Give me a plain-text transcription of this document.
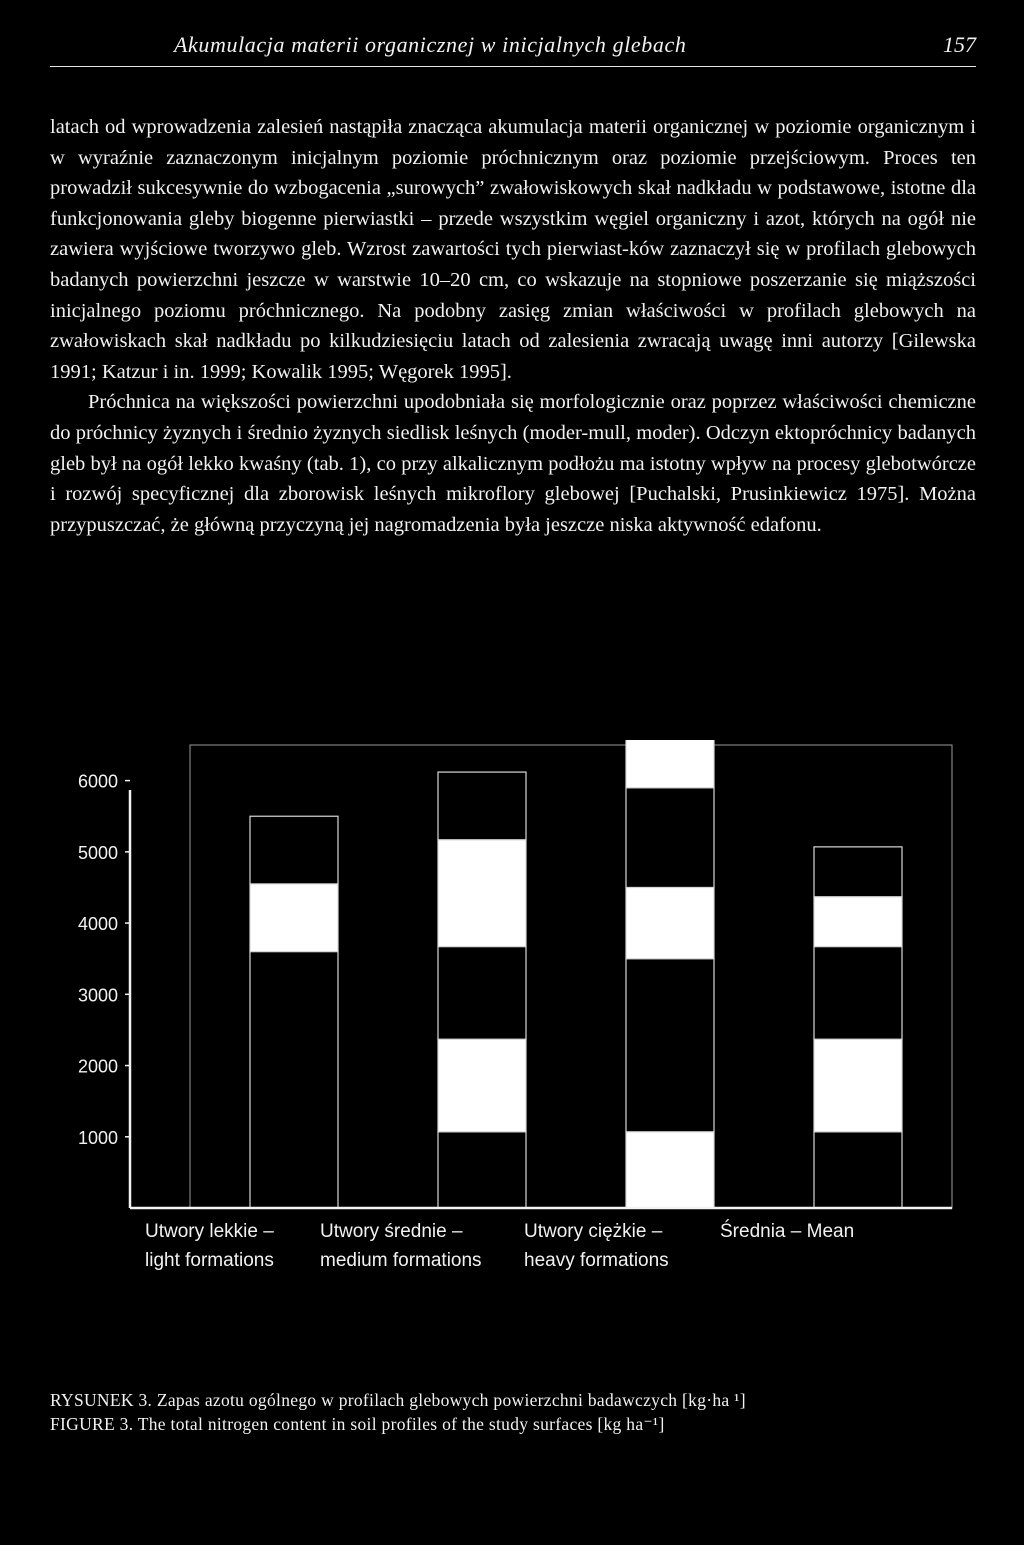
Akumulacja materii organicznej w inicjalnych glebach	157

latach od wprowadzenia zalesień nastąpiła znacząca akumulacja materii organicznej w poziomie organicznym i w wyraźnie zaznaczonym inicjalnym poziomie próchnicznym oraz poziomie przejściowym. Proces ten prowadził sukcesywnie do wzbogacenia „surowych” zwałowiskowych skał nadkładu w podstawowe, istotne dla funkcjonowania gleby biogenne pierwiastki – przede wszystkim węgiel organiczny i azot, których na ogół nie zawiera wyjściowe tworzywo gleb. Wzrost zawartości tych pierwiast-ków zaznaczył się w profilach glebowych badanych powierzchni jeszcze w warstwie 10–20 cm, co wskazuje na stopniowe poszerzanie się miąższości inicjalnego poziomu próchnicznego. Na podobny zasięg zmian właściwości w profilach glebowych na zwałowiskach skał nadkładu po kilkudziesięciu latach od zalesienia zwracają uwagę inni autorzy [Gilewska 1991; Katzur i in. 1999; Kowalik 1995; Węgorek 1995].

Próchnica na większości powierzchni upodobniała się morfologicznie oraz poprzez właściwości chemiczne do próchnicy żyznych i średnio żyznych siedlisk leśnych (moder-mull, moder). Odczyn ektopróchnicy badanych gleb był na ogół lekko kwaśny (tab. 1), co przy alkalicznym podłożu ma istotny wpływ na procesy glebotwórcze i rozwój specyficznej dla zborowisk leśnych mikroflory glebowej [Puchalski, Prusinkiewicz 1975]. Można przypuszczać, że główną przyczyną jej nagromadzenia była jeszcze niska aktywność edafonu.

6000
5000
4000
3000
2000
1000
Utwory lekkie –
light formations
Utwory średnie –
medium formations
Utwory ciężkie –
heavy formations
Średnia – Mean
RYSUNEK 3. Zapas azotu ogólnego w profilach glebowych powierzchni badawczych [kg·ha ¹]
FIGURE 3. The total nitrogen content in soil profiles of the study surfaces [kg ha⁻¹]
